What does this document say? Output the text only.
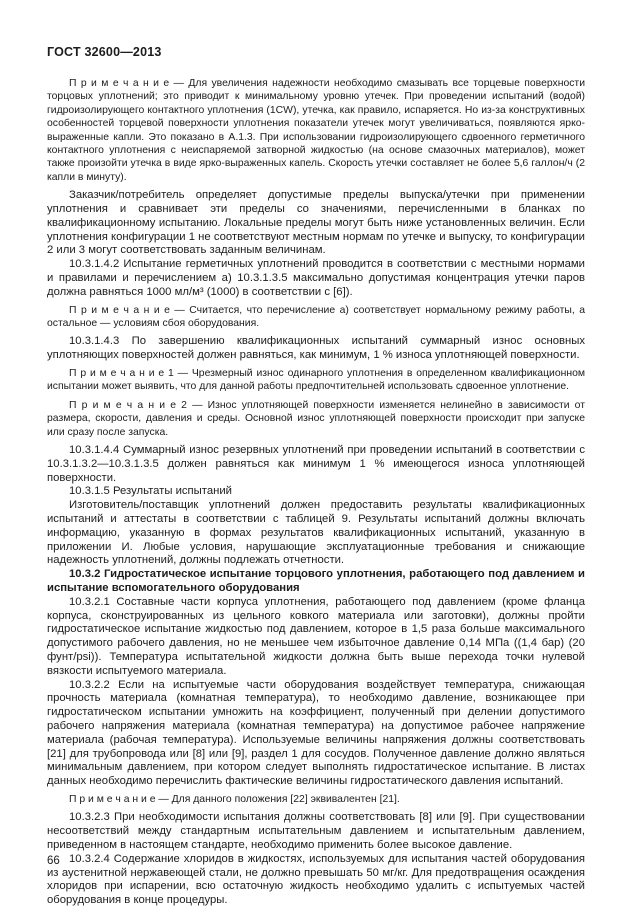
ГОСТ 32600—2013

П р и м е ч а н и е — Для увеличения надежности необходимо смазывать все торцевые поверхности торцовых уплотнений; это приводит к минимальному уровню утечек. При проведении испытаний (водой) гидроизолирующего контактного уплотнения (1CW), утечка, как правило, испаряется. Но из-за конструктивных особенностей торцевой поверхности уплотнения показатели утечек могут увеличиваться, появляются ярко-выраженные капли. Это показано в А.1.3. При использовании гидроизолирующего сдвоенного герметичного контактного уплотнения с неиспаряемой затворной жидкостью (на основе смазочных материалов), может также произойти утечка в виде ярко-выраженных капель. Скорость утечки составляет не более 5,6 галлон/ч (2 капли в минуту).

Заказчик/потребитель определяет допустимые пределы выпуска/утечки при применении уплотнения и сравнивает эти пределы со значениями, перечисленными в бланках по квалификационному испытанию. Локальные пределы могут быть ниже установленных величин. Если уплотнения конфигурации 1 не соответствуют местным нормам по утечке и выпуску, то конфигурации 2 или 3 могут соответствовать заданным величинам.

10.3.1.4.2 Испытание герметичных уплотнений проводится в соответствии с местными нормами и правилами и перечислением а) 10.3.1.3.5 максимально допустимая концентрация утечки паров должна равняться 1000 мл/м³ (1000) в соответствии с [6]).

П р и м е ч а н и е — Считается, что перечисление а) соответствует нормальному режиму работы, а остальное — условиям сбоя оборудования.

10.3.1.4.3 По завершению квалификационных испытаний суммарный износ основных уплотняющих поверхностей должен равняться, как минимум, 1 % износа уплотняющей поверхности.

П р и м е ч а н и е 1 — Чрезмерный износ одинарного уплотнения в определенном квалификационном испытании может выявить, что для данной работы предпочтительней использовать сдвоенное уплотнение.

П р и м е ч а н и е 2 — Износ уплотняющей поверхности изменяется нелинейно в зависимости от размера, скорости, давления и среды. Основной износ уплотняющей поверхности происходит при запуске или сразу после запуска.

10.3.1.4.4 Суммарный износ резервных уплотнений при проведении испытаний в соответствии с 10.3.1.3.2—10.3.1.3.5 должен равняться как минимум 1 % имеющегося износа уплотняющей поверхности.

10.3.1.5 Результаты испытаний

Изготовитель/поставщик уплотнений должен предоставить результаты квалификационных испытаний и аттестаты в соответствии с таблицей 9. Результаты испытаний должны включать информацию, указанную в формах результатов квалификационных испытаний, указанную в приложении И. Любые условия, нарушающие эксплуатационные требования и снижающие надежность уплотнений, должны подлежать отчетности.

10.3.2 Гидростатическое испытание торцового уплотнения, работающего под давлением и испытание вспомогательного оборудования

10.3.2.1 Составные части корпуса уплотнения, работающего под давлением (кроме фланца корпуса, сконструированных из цельного ковкого материала или заготовки), должны пройти гидростатическое испытание жидкостью под давлением, которое в 1,5 раза больше максимального допустимого рабочего давления, но не меньшее чем избыточное давление 0,14 МПа ((1,4 бар) (20 фунт/psi)). Температура испытательной жидкости должна быть выше перехода точки нулевой вязкости испытуемого материала.

10.3.2.2 Если на испытуемые части оборудования воздействует температура, снижающая прочность материала (комнатная температура), то необходимо давление, возникающее при гидростатическом испытании умножить на коэффициент, полученный при делении допустимого рабочего напряжения материала (комнатная температура) на допустимое рабочее напряжение материала (рабочая температура). Используемые величины напряжения должны соответствовать [21] для трубопровода или [8] или [9], раздел 1 для сосудов. Полученное давление должно являться минимальным давлением, при котором следует выполнять гидростатическое испытание. В листах данных необходимо перечислить фактические величины гидростатического давления испытаний.

П р и м е ч а н и е — Для данного положения [22] эквивалентен [21].

10.3.2.3 При необходимости испытания должны соответствовать [8] или [9]. При существовании несоответствий между стандартным испытательным давлением и испытательным давлением, приведенном в настоящем стандарте, необходимо применить более высокое давление.

10.3.2.4 Содержание хлоридов в жидкостях, используемых для испытания частей оборудования из аустенитной нержавеющей стали, не должно превышать 50 мг/кг. Для предотвращения осаждения хлоридов при испарении, всю остаточную жидкость необходимо удалить с испытуемых частей оборудования в конце процедуры.

66
